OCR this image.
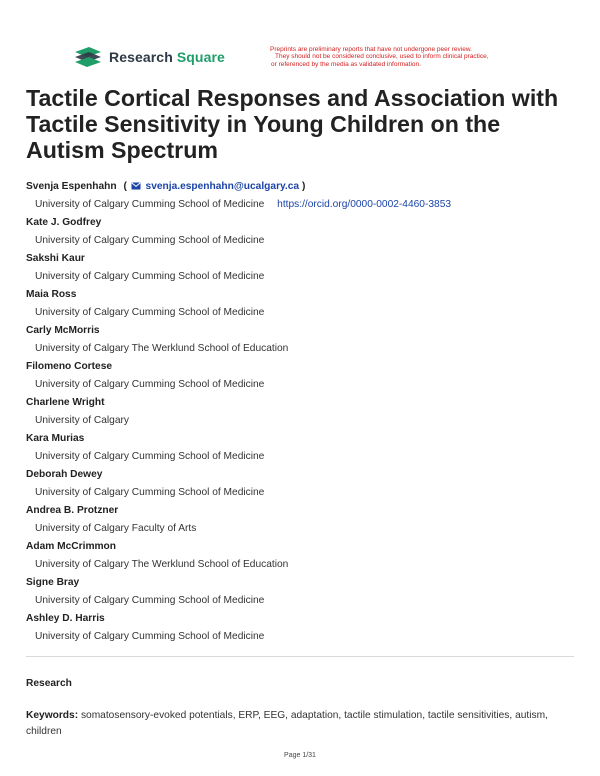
Research Square	Preprints are preliminary reports that have not undergone peer review.
They should not be considered conclusive, used to inform clinical practice,
or referenced by the media as validated information.
Tactile Cortical Responses and Association with Tactile Sensitivity in Young Children on the Autism Spectrum
Svenja Espenhahn ( svenja.espenhahn@ucalgary.ca )
University of Calgary Cumming School of Medicine https://orcid.org/0000-0002-4460-3853
Kate J. Godfrey
University of Calgary Cumming School of Medicine
Sakshi Kaur
University of Calgary Cumming School of Medicine
Maia Ross
University of Calgary Cumming School of Medicine
Carly McMorris
University of Calgary The Werklund School of Education
Filomeno Cortese
University of Calgary Cumming School of Medicine
Charlene Wright
University of Calgary
Kara Murias
University of Calgary Cumming School of Medicine
Deborah Dewey
University of Calgary Cumming School of Medicine
Andrea B. Protzner
University of Calgary Faculty of Arts
Adam McCrimmon
University of Calgary The Werklund School of Education
Signe Bray
University of Calgary Cumming School of Medicine
Ashley D. Harris
University of Calgary Cumming School of Medicine
Research
Keywords: somatosensory-evoked potentials, ERP, EEG, adaptation, tactile stimulation, tactile sensitivities, autism, children
Page 1/31
